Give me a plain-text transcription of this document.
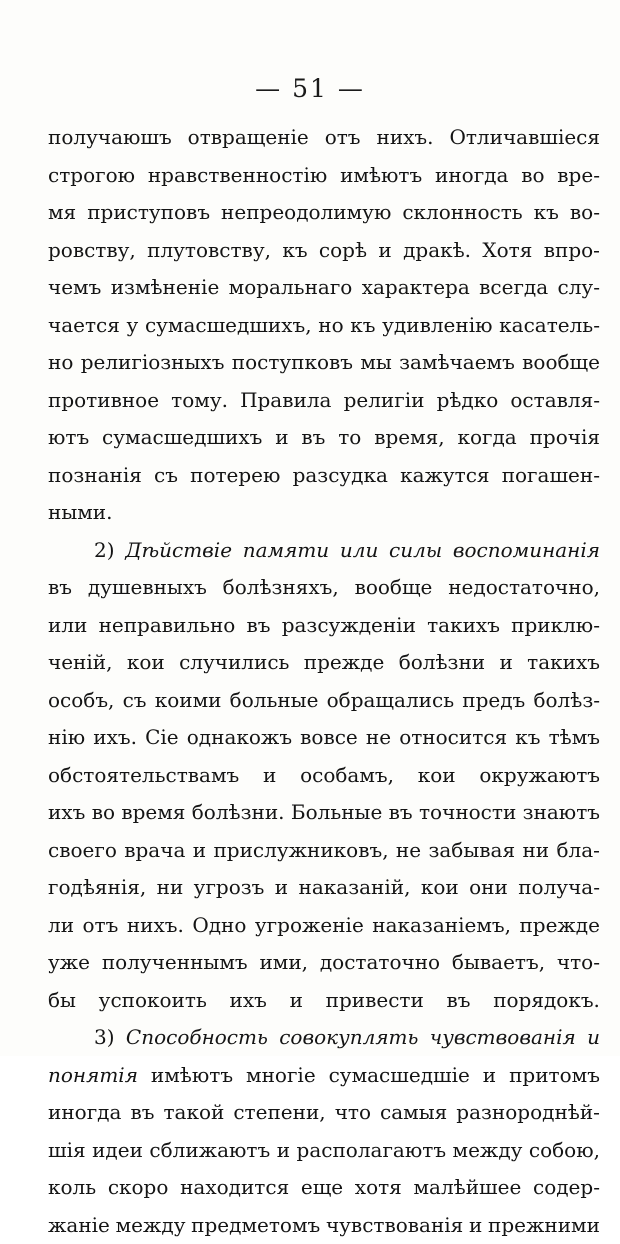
— 51 —
получаюшъ отвращеніе отъ нихъ. Отличавшіеся
строгою нравственностію имѣютъ иногда во вре-
мя приступовъ непреодолимую склонность къ во-
ровству, плутовству, къ сорѣ и дракѣ. Хотя впро-
чемъ измѣненіе моральнаго характера всегда слу-
чается у сумасшедшихъ, но къ удивленію касатель-
но религіозныхъ поступковъ мы замѣчаемъ вообще
противное тому. Правила религіи рѣдко оставля-
ютъ сумасшедшихъ и въ то время, когда прочія
познанія съ потерею разсудка кажутся погашен-
ными.
2) Дѣйствіе памяти или силы воспоминанія
въ душевныхъ болѣзняхъ, вообще недостаточно,
или неправильно въ разсужденіи такихъ приклю-
ченій, кои случились прежде болѣзни и такихъ
особъ, съ коими больные обращались предъ болѣз-
нію ихъ. Сіе однакожъ вовсе не относится къ тѣмъ
обстоятельствамъ и особамъ, кои окружаютъ
ихъ во время болѣзни. Больные въ точности знаютъ
своего врача и прислужниковъ, не забывая ни бла-
годѣянія, ни угрозъ и наказаній, кои они получа-
ли отъ нихъ. Одно угроженіе наказаніемъ, прежде
уже полученнымъ ими, достаточно бываетъ, что-
бы успокоить ихъ и привести въ порядокъ.
3) Способность совокуплять чувствованія и
понятія имѣютъ многіе сумасшедшіе и притомъ
иногда въ такой степени, что самыя разнороднѣй-
шія идеи сближаютъ и располагаютъ между собою,
коль скоро находится еще хотя малѣйшее содер-
жаніе между предметомъ чувствованія и прежними
